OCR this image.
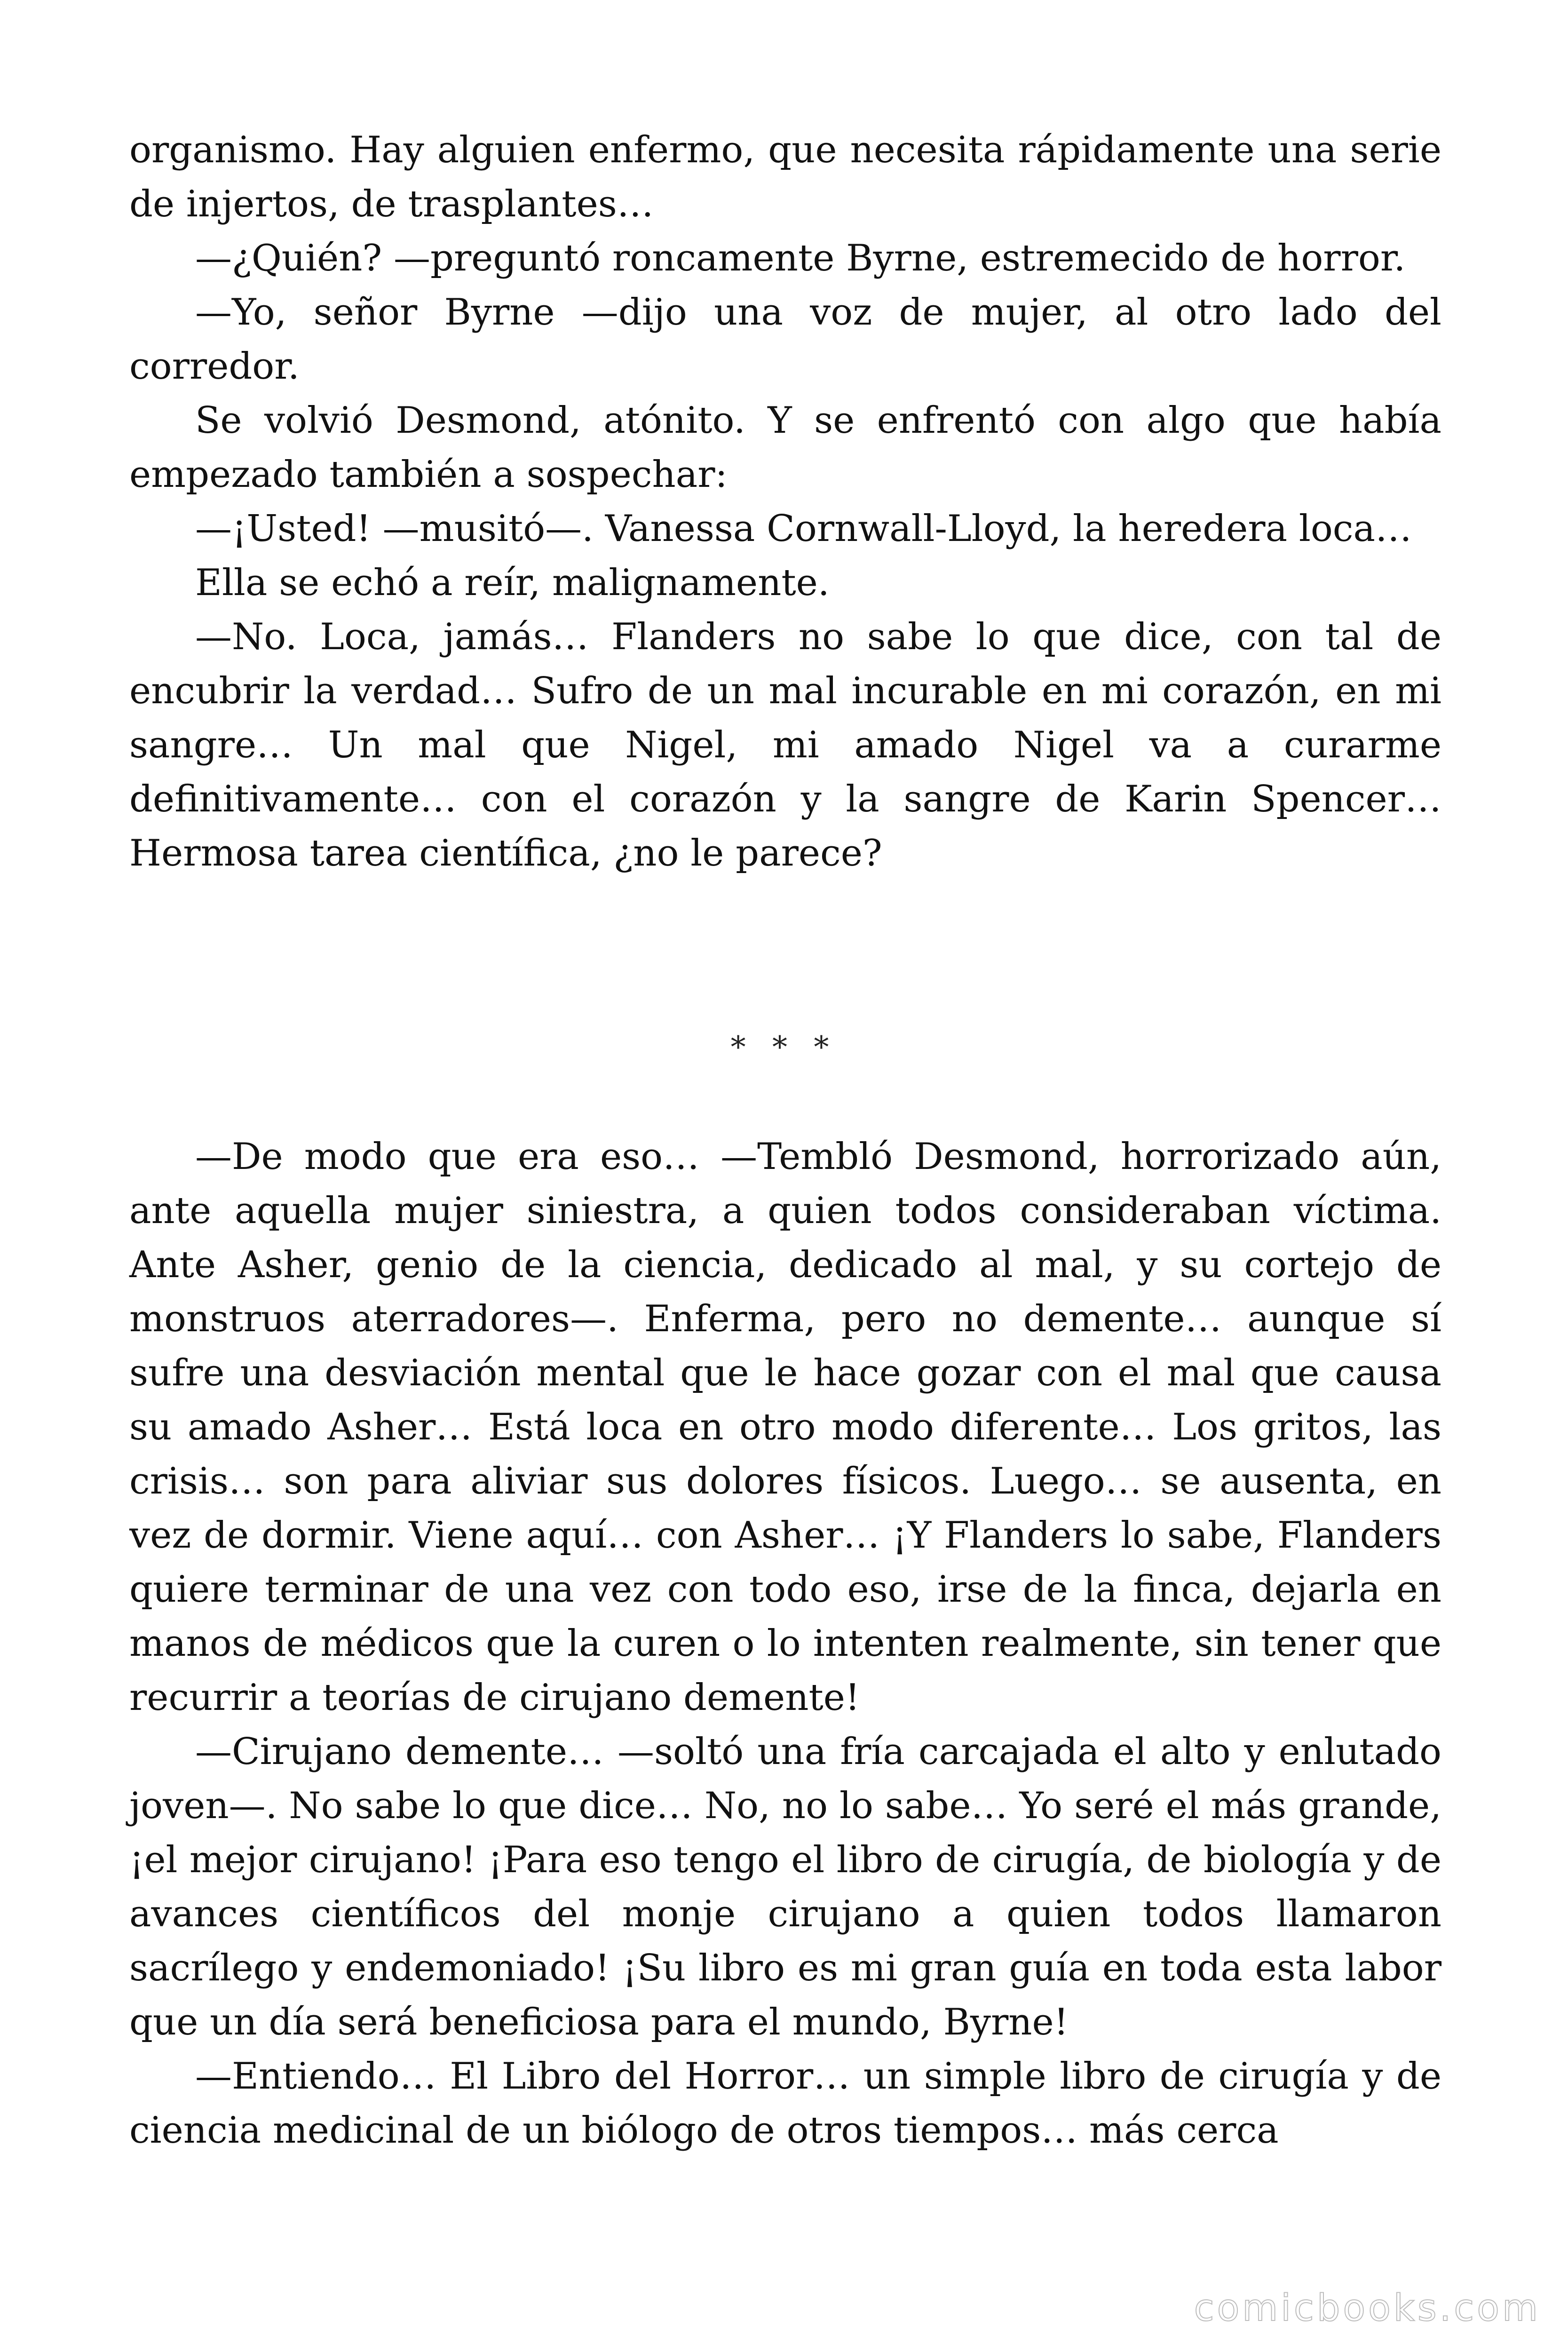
organismo. Hay alguien enfermo, que necesita rápidamente una serie de injertos, de trasplantes…

—¿Quién? —preguntó roncamente Byrne, estremecido de horror.

—Yo, señor Byrne —dijo una voz de mujer, al otro lado del corredor.

Se volvió Desmond, atónito. Y se enfrentó con algo que había empezado también a sospechar:

—¡Usted! —musitó—. Vanessa Cornwall-Lloyd, la heredera loca…

Ella se echó a reír, malignamente.

—No. Loca, jamás… Flanders no sabe lo que dice, con tal de encubrir la verdad… Sufro de un mal incurable en mi corazón, en mi sangre… Un mal que Nigel, mi amado Nigel va a curarme definitivamente… con el corazón y la sangre de Karin Spencer… Hermosa tarea científica, ¿no le parece?

* * *

—De modo que era eso… —Tembló Desmond, horrorizado aún, ante aquella mujer siniestra, a quien todos consideraban víctima. Ante Asher, genio de la ciencia, dedicado al mal, y su cortejo de monstruos aterradores—. Enferma, pero no demente… aunque sí sufre una desviación mental que le hace gozar con el mal que causa su amado Asher… Está loca en otro modo diferente… Los gritos, las crisis… son para aliviar sus dolores físicos. Luego… se ausenta, en vez de dormir. Viene aquí… con Asher… ¡Y Flanders lo sabe, Flanders quiere terminar de una vez con todo eso, irse de la finca, dejarla en manos de médicos que la curen o lo intenten realmente, sin tener que recurrir a teorías de cirujano demente!

—Cirujano demente… —soltó una fría carcajada el alto y enlutado joven—. No sabe lo que dice… No, no lo sabe… Yo seré el más grande, ¡el mejor cirujano! ¡Para eso tengo el libro de cirugía, de biología y de avances científicos del monje cirujano a quien todos llamaron sacrílego y endemoniado! ¡Su libro es mi gran guía en toda esta labor que un día será beneficiosa para el mundo, Byrne!

—Entiendo… El Libro del Horror… un simple libro de cirugía y de ciencia medicinal de un biólogo de otros tiempos… más cerca

comicbooks.com
